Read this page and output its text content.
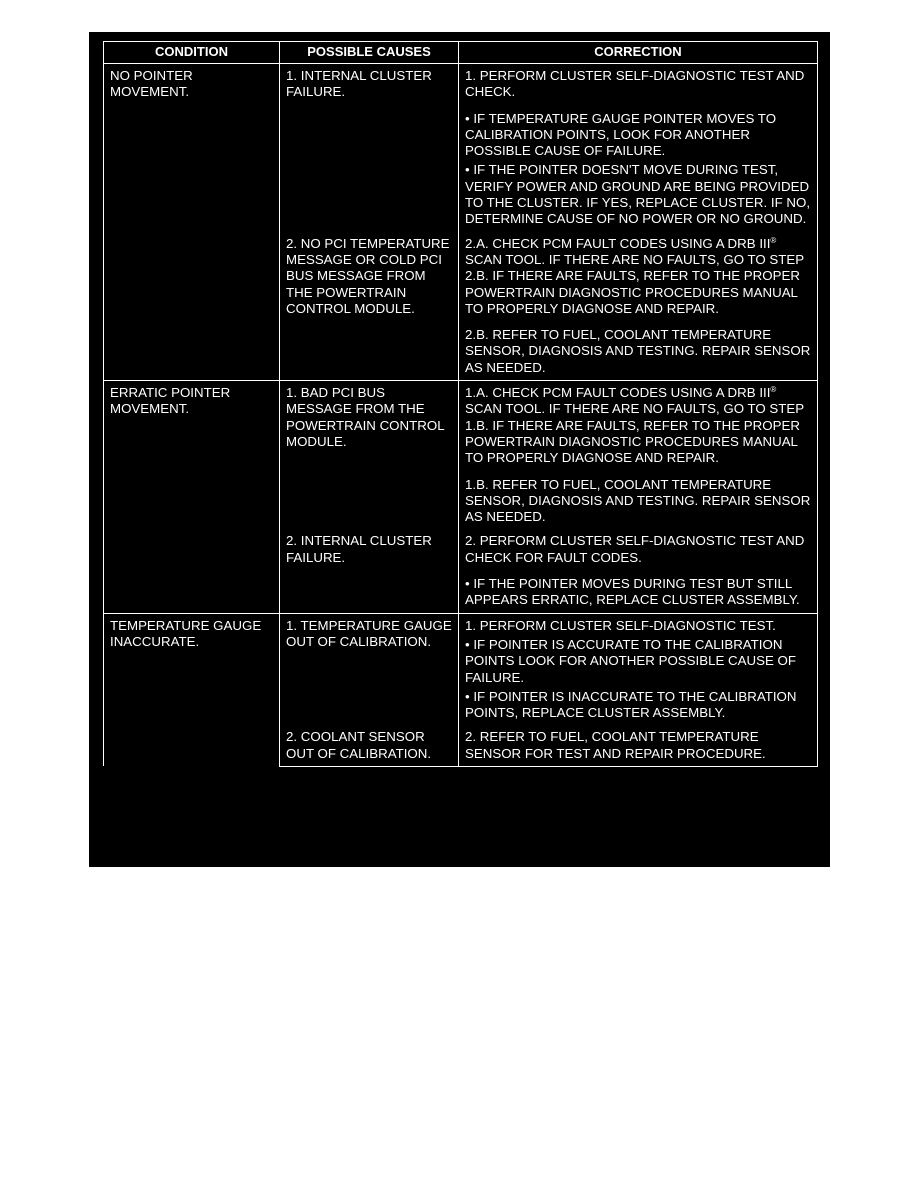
CONDITION	POSSIBLE CAUSES	CORRECTION
NO POINTER MOVEMENT.	1. INTERNAL CLUSTER FAILURE.	1. PERFORM CLUSTER SELF-DIAGNOSTIC TEST AND CHECK.
• IF TEMPERATURE GAUGE POINTER MOVES TO CALIBRATION POINTS, LOOK FOR ANOTHER POSSIBLE CAUSE OF FAILURE.
• IF THE POINTER DOESN'T MOVE DURING TEST, VERIFY POWER AND GROUND ARE BEING PROVIDED TO THE CLUSTER. IF YES, REPLACE CLUSTER. IF NO, DETERMINE CAUSE OF NO POWER OR NO GROUND.

	2. NO PCI TEMPERATURE MESSAGE OR COLD PCI BUS MESSAGE FROM THE POWERTRAIN CONTROL MODULE.	2.A. CHECK PCM FAULT CODES USING A DRB III® SCAN TOOL. IF THERE ARE NO FAULTS, GO TO STEP 2.B. IF THERE ARE FAULTS, REFER TO THE PROPER POWERTRAIN DIAGNOSTIC PROCEDURES MANUAL TO PROPERLY DIAGNOSE AND REPAIR.
2.B. REFER TO FUEL, COOLANT TEMPERATURE SENSOR, DIAGNOSIS AND TESTING. REPAIR SENSOR AS NEEDED.

ERRATIC POINTER MOVEMENT.	1. BAD PCI BUS MESSAGE FROM THE POWERTRAIN CONTROL MODULE.	1.A. CHECK PCM FAULT CODES USING A DRB III® SCAN TOOL. IF THERE ARE NO FAULTS, GO TO STEP 1.B. IF THERE ARE FAULTS, REFER TO THE PROPER POWERTRAIN DIAGNOSTIC PROCEDURES MANUAL TO PROPERLY DIAGNOSE AND REPAIR.
1.B. REFER TO FUEL, COOLANT TEMPERATURE SENSOR, DIAGNOSIS AND TESTING. REPAIR SENSOR AS NEEDED.

	2. INTERNAL CLUSTER FAILURE.	2. PERFORM CLUSTER SELF-DIAGNOSTIC TEST AND CHECK FOR FAULT CODES.
• IF THE POINTER MOVES DURING TEST BUT STILL APPEARS ERRATIC, REPLACE CLUSTER ASSEMBLY.

TEMPERATURE GAUGE INACCURATE.	1. TEMPERATURE GAUGE OUT OF CALIBRATION.	1. PERFORM CLUSTER SELF-DIAGNOSTIC TEST.
• IF POINTER IS ACCURATE TO THE CALIBRATION POINTS LOOK FOR ANOTHER POSSIBLE CAUSE OF FAILURE.
• IF POINTER IS INACCURATE TO THE CALIBRATION POINTS, REPLACE CLUSTER ASSEMBLY.

	2. COOLANT SENSOR OUT OF CALIBRATION.	2. REFER TO FUEL, COOLANT TEMPERATURE SENSOR FOR TEST AND REPAIR PROCEDURE.
